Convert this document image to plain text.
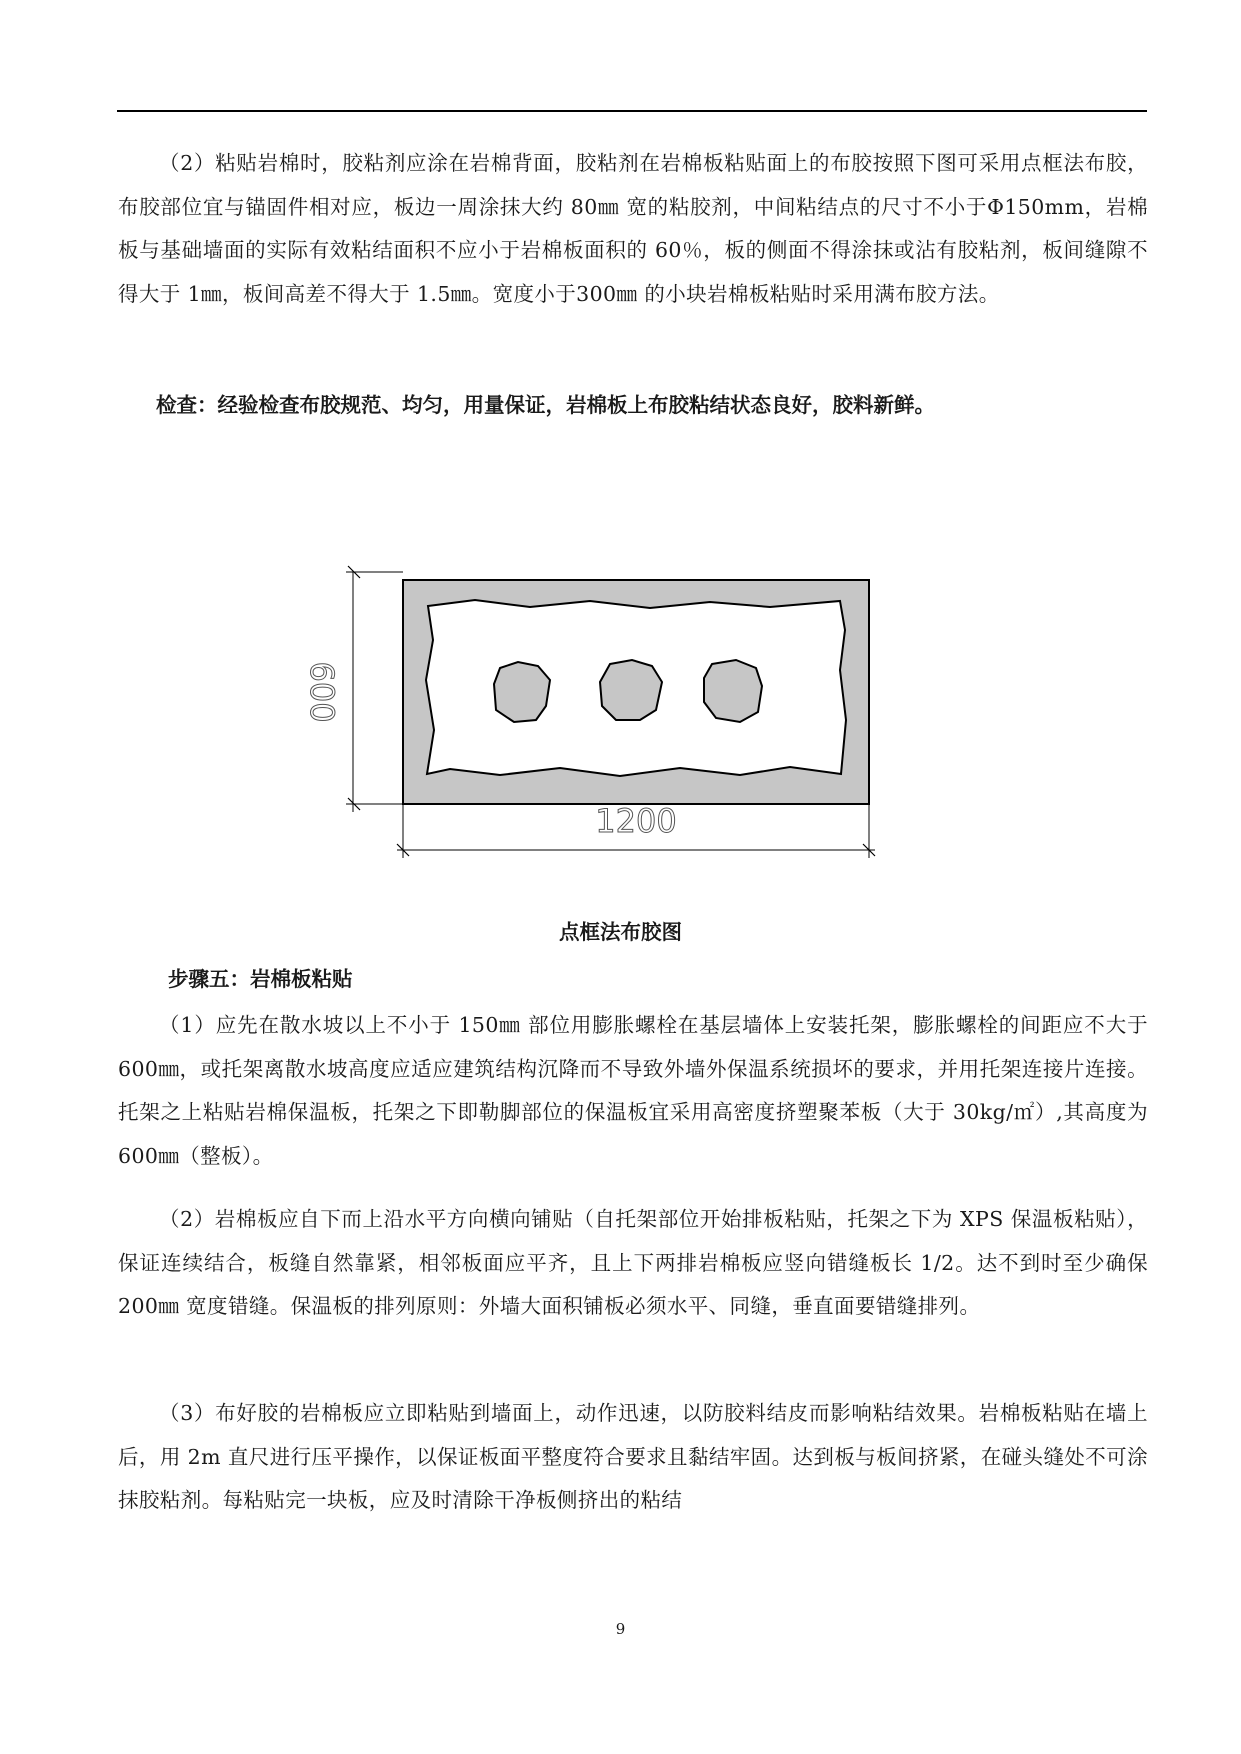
（2）粘贴岩棉时，胶粘剂应涂在岩棉背面，胶粘剂在岩棉板粘贴面上的布胶按照下图可采用点框法布胶，布胶部位宜与锚固件相对应，板边一周涂抹大约 80㎜ 宽的粘胶剂，中间粘结点的尺寸不小于Φ150mm，岩棉板与基础墙面的实际有效粘结面积不应小于岩棉板面积的 60％，板的侧面不得涂抹或沾有胶粘剂，板间缝隙不得大于 1㎜，板间高差不得大于 1.5㎜。宽度小于300㎜ 的小块岩棉板粘贴时采用满布胶方法。

检查：经验检查布胶规范、均匀，用量保证，岩棉板上布胶粘结状态良好，胶料新鲜。

600
1200

点框法布胶图

步骤五：岩棉板粘贴

（1）应先在散水坡以上不小于 150㎜ 部位用膨胀螺栓在基层墙体上安装托架，膨胀螺栓的间距应不大于 600㎜，或托架离散水坡高度应适应建筑结构沉降而不导致外墙外保温系统损坏的要求，并用托架连接片连接。托架之上粘贴岩棉保温板，托架之下即勒脚部位的保温板宜采用高密度挤塑聚苯板（大于 30kg/㎡）,其高度为 600㎜（整板）。

（2）岩棉板应自下而上沿水平方向横向铺贴（自托架部位开始排板粘贴，托架之下为 XPS 保温板粘贴），保证连续结合，板缝自然靠紧，相邻板面应平齐，且上下两排岩棉板应竖向错缝板长 1/2。达不到时至少确保 200㎜ 宽度错缝。保温板的排列原则：外墙大面积铺板必须水平、同缝，垂直面要错缝排列。

（3）布好胶的岩棉板应立即粘贴到墙面上，动作迅速，以防胶料结皮而影响粘结效果。岩棉板粘贴在墙上后，用 2m 直尺进行压平操作，以保证板面平整度符合要求且黏结牢固。达到板与板间挤紧，在碰头缝处不可涂抹胶粘剂。每粘贴完一块板，应及时清除干净板侧挤出的粘结

9
